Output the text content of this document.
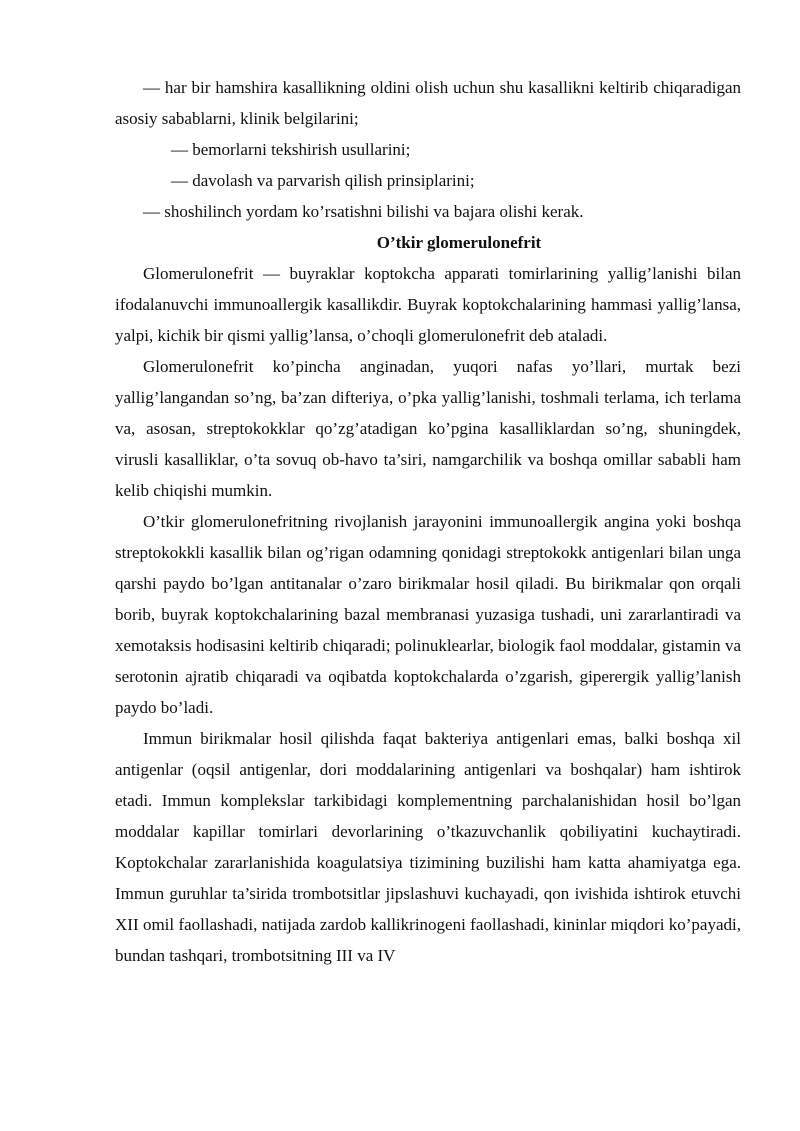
— har bir hamshira kasallikning oldini olish uchun shu kasallikni keltirib chiqaradigan asosiy sabablarni, klinik belgilarini;

— bemorlarni tekshirish usullarini;

— davolash va parvarish qilish prinsiplarini;

— shoshilinch yordam ko’rsatishni bilishi va bajara olishi kerak.

O’tkir glomerulonefrit

Glomerulonefrit — buyraklar koptokcha apparati tomirlarining yallig’lanishi bilan ifodalanuvchi immunoallergik kasallikdir. Buyrak koptokchalarining hammasi yallig’lansa, yalpi, kichik bir qismi yallig’lansa, o’choqli glomerulonefrit deb ataladi.

Glomerulonefrit ko’pincha anginadan, yuqori nafas yo’llari, murtak bezi yallig’langandan so’ng, ba’zan difteriya, o’pka yallig’lanishi, toshmali terlama, ich terlama va, asosan, streptokokklar qo’zg’atadigan ko’pgina kasalliklardan so’ng, shuningdek, virusli kasalliklar, o’ta sovuq ob-havo ta’siri, namgarchilik va boshqa omillar sababli ham kelib chiqishi mumkin.

O’tkir glomerulonefritning rivojlanish jarayonini immunoallergik angina yoki boshqa streptokokkli kasallik bilan og’rigan odamning qonidagi streptokokk antigenlari bilan unga qarshi paydo bo’lgan antitanalar o’zaro birikmalar hosil qiladi. Bu birikmalar qon orqali borib, buyrak koptokchalarining bazal membranasi yuzasiga tushadi, uni zararlantiradi va xemotaksis hodisasini keltirib chiqaradi; polinuklearlar, biologik faol moddalar, gistamin va serotonin ajratib chiqaradi va oqibatda koptokchalarda o’zgarish, giperergik yallig’lanish paydo bo’ladi.

Immun birikmalar hosil qilishda faqat bakteriya antigenlari emas, balki boshqa xil antigenlar (oqsil antigenlar, dori moddalarining antigenlari va boshqalar) ham ishtirok etadi. Immun komplekslar tarkibidagi komplementning parchalanishidan hosil bo’lgan moddalar kapillar tomirlari devorlarining o’tkazuvchanlik qobiliyatini kuchaytiradi. Koptokchalar zararlanishida koagulatsiya tizimining buzilishi ham katta ahamiyatga ega. Immun guruhlar ta’sirida trombotsitlar jipslashuvi kuchayadi, qon ivishida ishtirok etuvchi XII omil faollashadi, natijada zardob kallikrinogeni faollashadi, kininlar miqdori ko’payadi, bundan tashqari, trombotsitning III va IV
